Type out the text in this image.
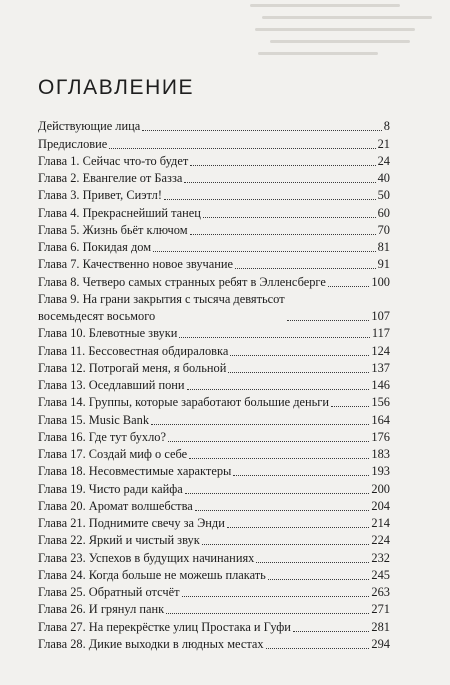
ОГЛАВЛЕНИЕ
Действующие лица	8
Предисловие	21
Глава 1. Сейчас что-то будет	24
Глава 2. Евангелие от Базза	40
Глава 3. Привет, Сиэтл!	50
Глава 4. Прекраснейший танец	60
Глава 5. Жизнь бьёт ключом	70
Глава 6. Покидая дом	81
Глава 7. Качественно новое звучание	91
Глава 8. Четверо самых странных ребят в Элленсберге	100
Глава 9. На грани закрытия с тысяча девятьсот
восемьдесят восьмого	107
Глава 10. Блевотные звуки	117
Глава 11. Бессовестная обдираловка	124
Глава 12. Потрогай меня, я больной	137
Глава 13. Оседлавший пони	146
Глава 14. Группы, которые заработают большие деньги	156
Глава 15. Music Bank	164
Глава 16. Где тут бухло?	176
Глава 17. Создай миф о себе	183
Глава 18. Несовместимые характеры	193
Глава 19. Чисто ради кайфа	200
Глава 20. Аромат волшебства	204
Глава 21. Поднимите свечу за Энди	214
Глава 22. Яркий и чистый звук	224
Глава 23. Успехов в будущих начинаниях	232
Глава 24. Когда больше не можешь плакать	245
Глава 25. Обратный отсчёт	263
Глава 26. И грянул панк	271
Глава 27. На перекрёстке улиц Простака и Гуфи	281
Глава 28. Дикие выходки в людных местах	294
